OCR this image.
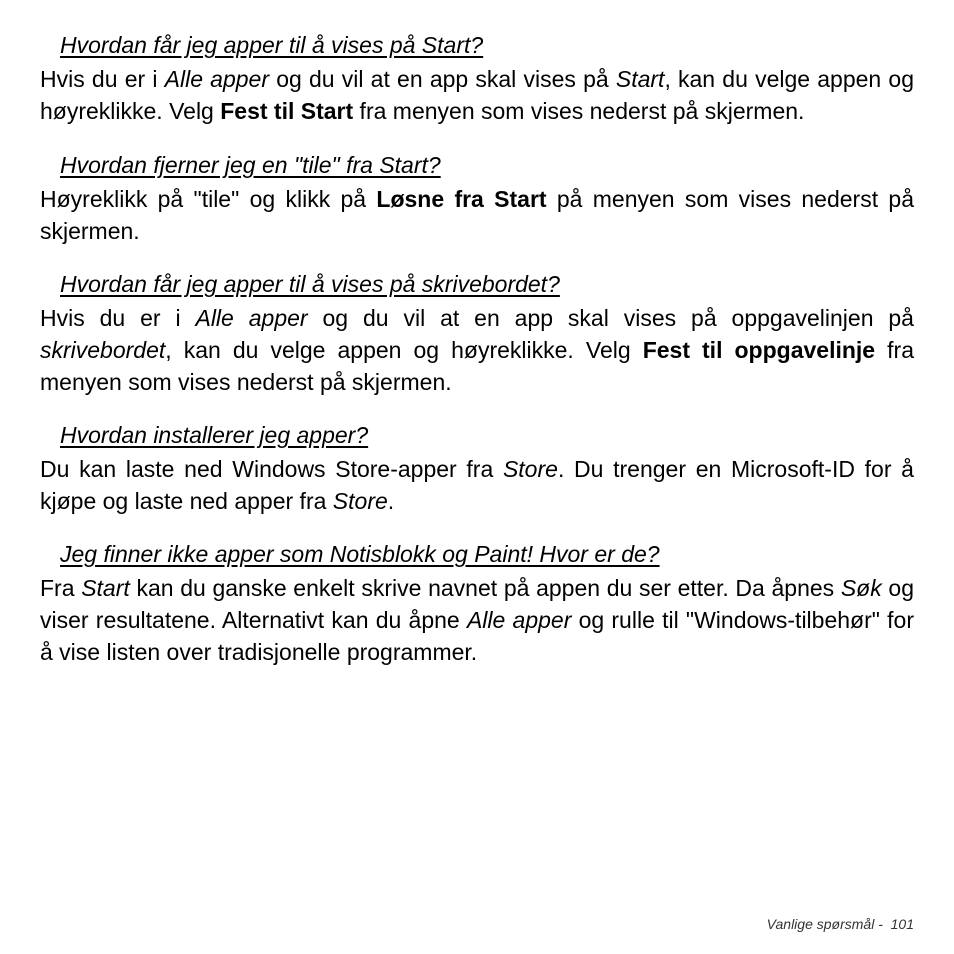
Hvordan får jeg apper til å vises på Start?

Hvis du er i Alle apper og du vil at en app skal vises på Start, kan du velge appen og høyreklikke. Velg Fest til Start fra menyen som vises nederst på skjermen.

Hvordan fjerner jeg en "tile" fra Start?

Høyreklikk på "tile" og klikk på Løsne fra Start på menyen som vises nederst på skjermen.

Hvordan får jeg apper til å vises på skrivebordet?

Hvis du er i Alle apper og du vil at en app skal vises på oppgavelinjen på skrivebordet, kan du velge appen og høyreklikke. Velg Fest til oppgavelinje fra menyen som vises nederst på skjermen.

Hvordan installerer jeg apper?

Du kan laste ned Windows Store-apper fra Store. Du trenger en Microsoft-ID for å kjøpe og laste ned apper fra Store.

Jeg finner ikke apper som Notisblokk og Paint! Hvor er de?

Fra Start kan du ganske enkelt skrive navnet på appen du ser etter. Da åpnes Søk og viser resultatene. Alternativt kan du åpne Alle apper og rulle til "Windows-tilbehør" for å vise listen over tradisjonelle programmer.

Vanlige spørsmål - 101
